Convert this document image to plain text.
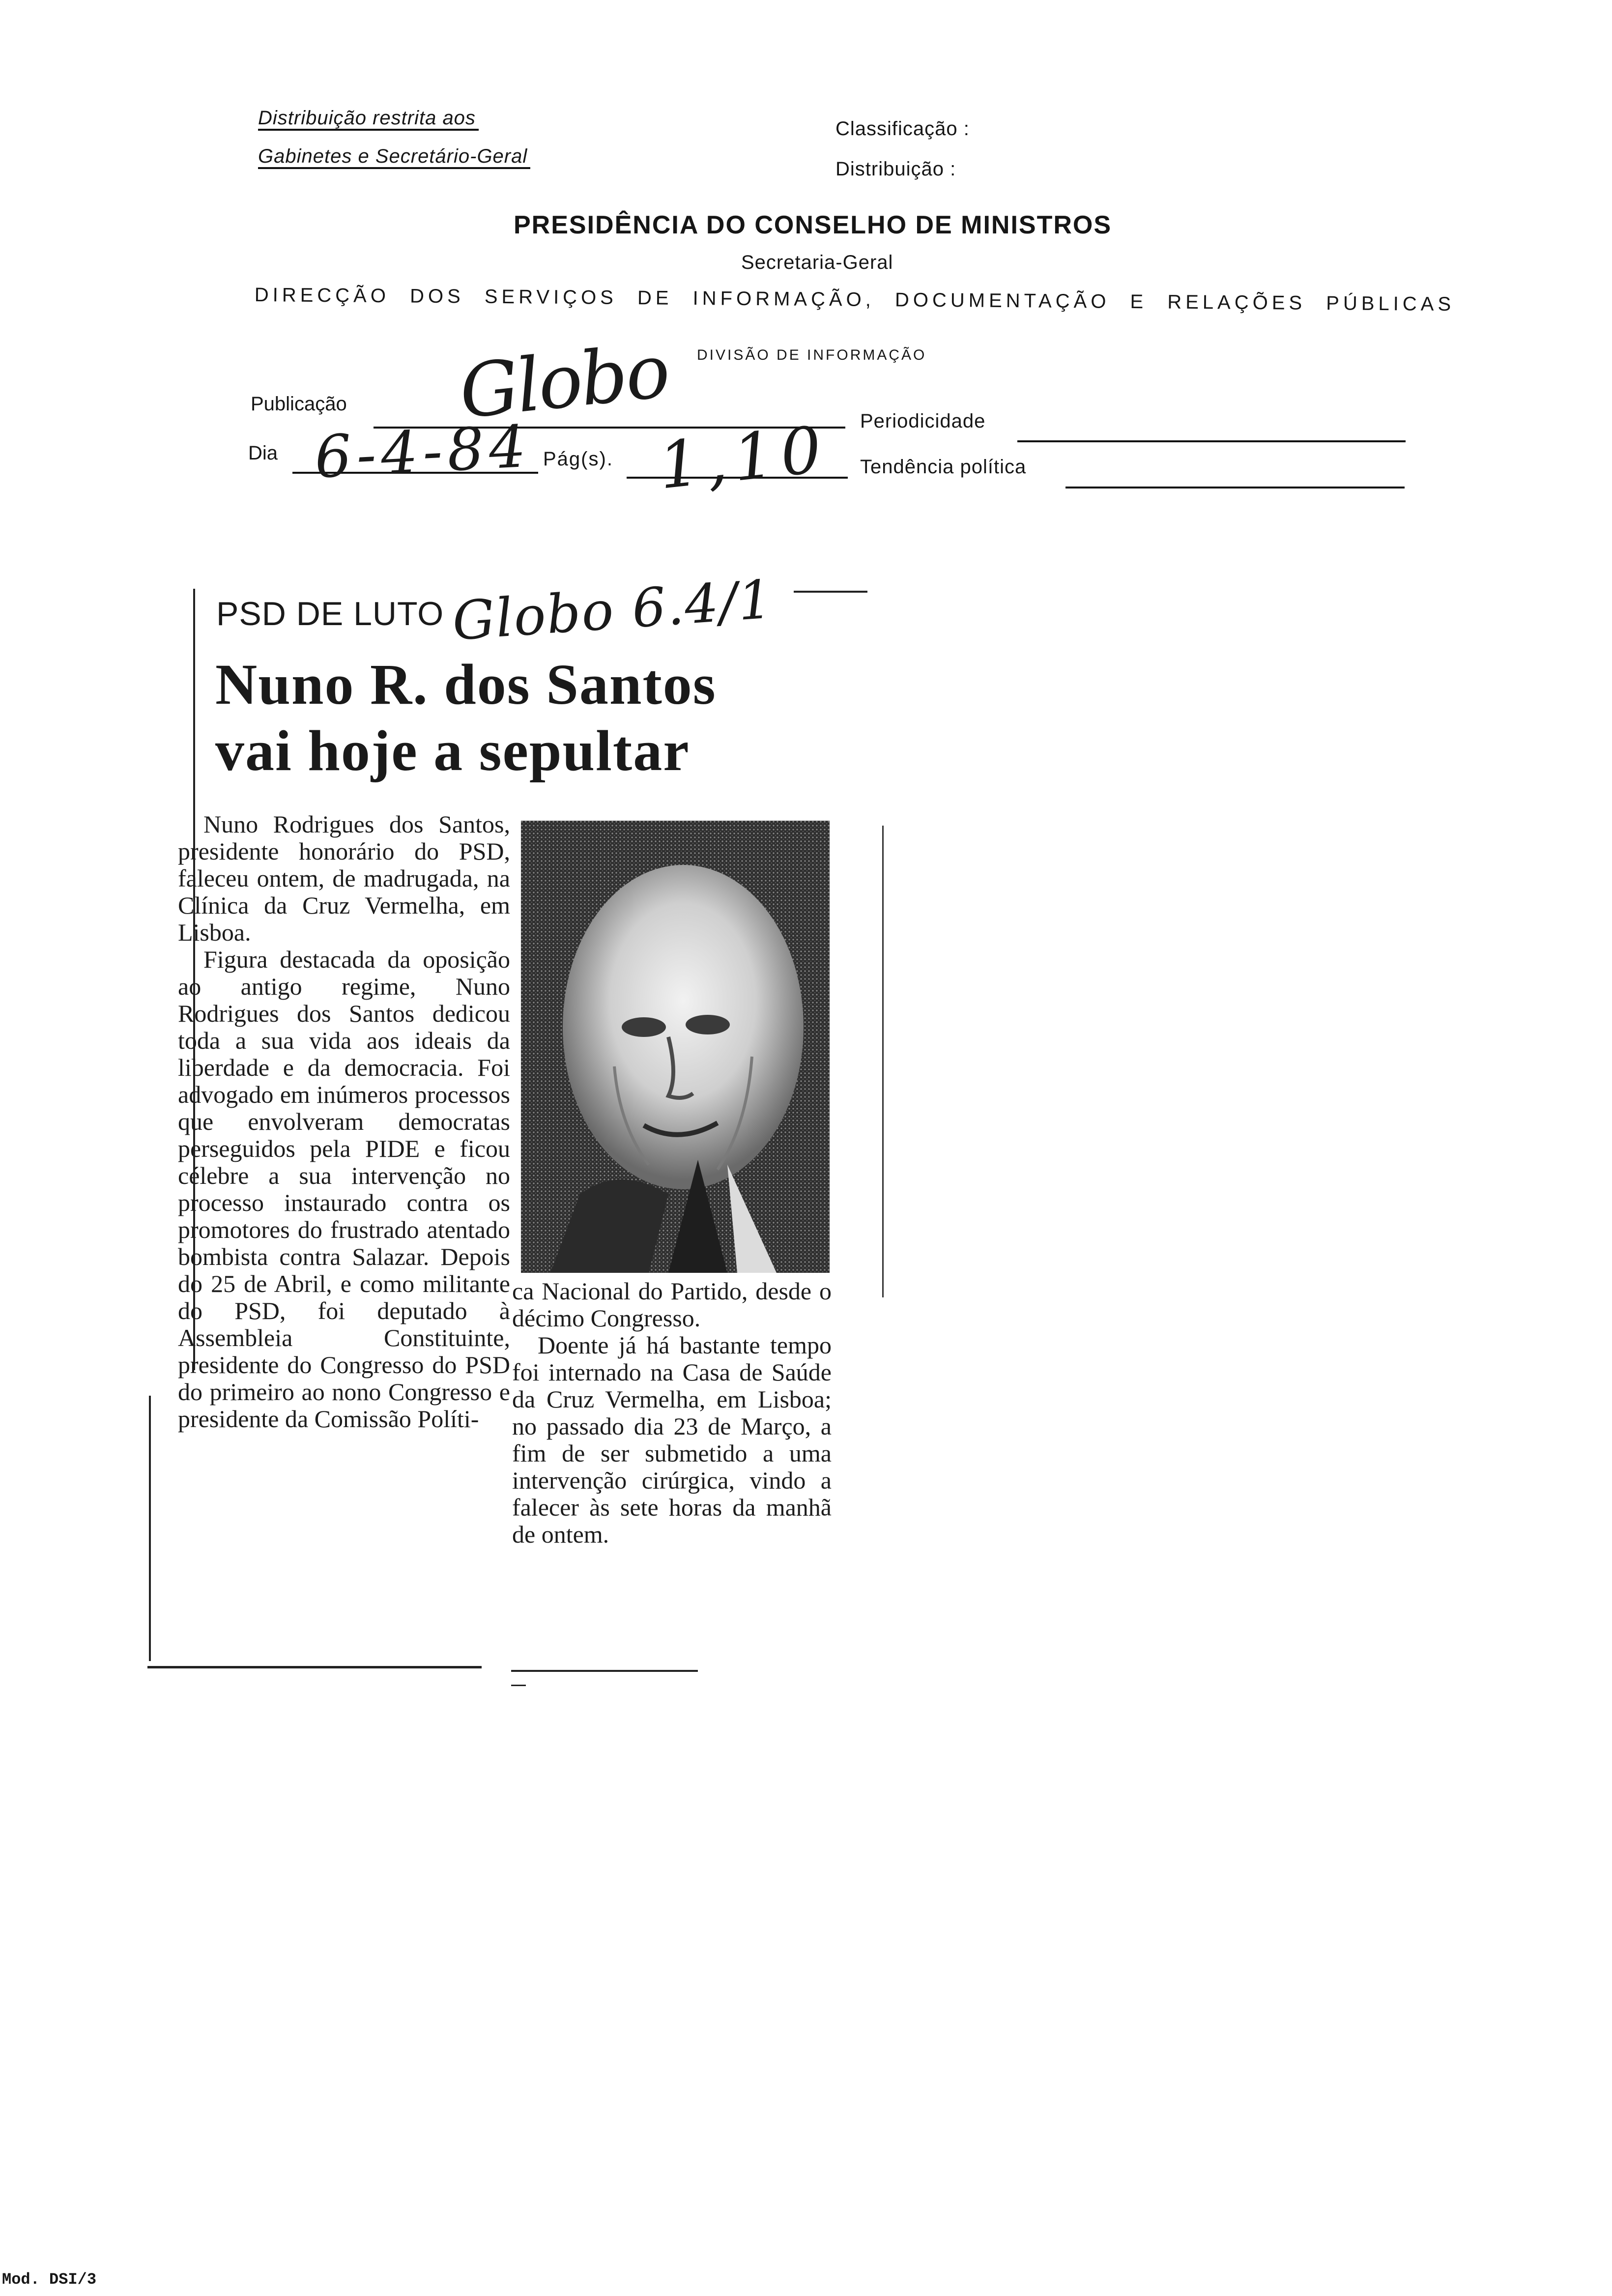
Distribuição restrita aos
Gabinetes e Secretário-Geral
Classificação :
Distribuição :
PRESIDÊNCIA DO CONSELHO DE MINISTROS
Secretaria-Geral
DIRECÇÃO DOS SERVIÇOS DE INFORMAÇÃO, DOCUMENTAÇÃO E RELAÇÕES PÚBLICAS
DIVISÃO DE INFORMAÇÃO
Publicação Globo	Periodicidade
Dia 6-4-84 Pág(s). 1,10 Tendência política
PSD DE LUTO Globo 6.4/1
Nuno R. dos Santos
vai hoje a sepultar

Nuno Rodrigues dos Santos, presidente honorário do PSD, faleceu ontem, de madrugada, na Clínica da Cruz Vermelha, em Lisboa.

Figura destacada da oposição ao antigo regime, Nuno Rodrigues dos Santos dedicou toda a sua vida aos ideais da liberdade e da democracia. Foi advogado em inúmeros processos que envolveram democratas perseguidos pela PIDE e ficou célebre a sua intervenção no processo instaurado contra os promotores do frustrado atentado bombista contra Salazar. Depois do 25 de Abril, e como militante do PSD, foi deputado à Assembleia Constituinte, presidente do Congresso do PSD do primeiro ao nono Congresso e presidente da Comissão Políti-

ca Nacional do Partido, desde o décimo Congresso.

Doente já há bastante tempo foi internado na Casa de Saúde da Cruz Vermelha, em Lisboa; no passado dia 23 de Março, a fim de ser submetido a uma intervenção cirúrgica, vindo a falecer às sete horas da manhã de ontem.

Mod. DSI/3
